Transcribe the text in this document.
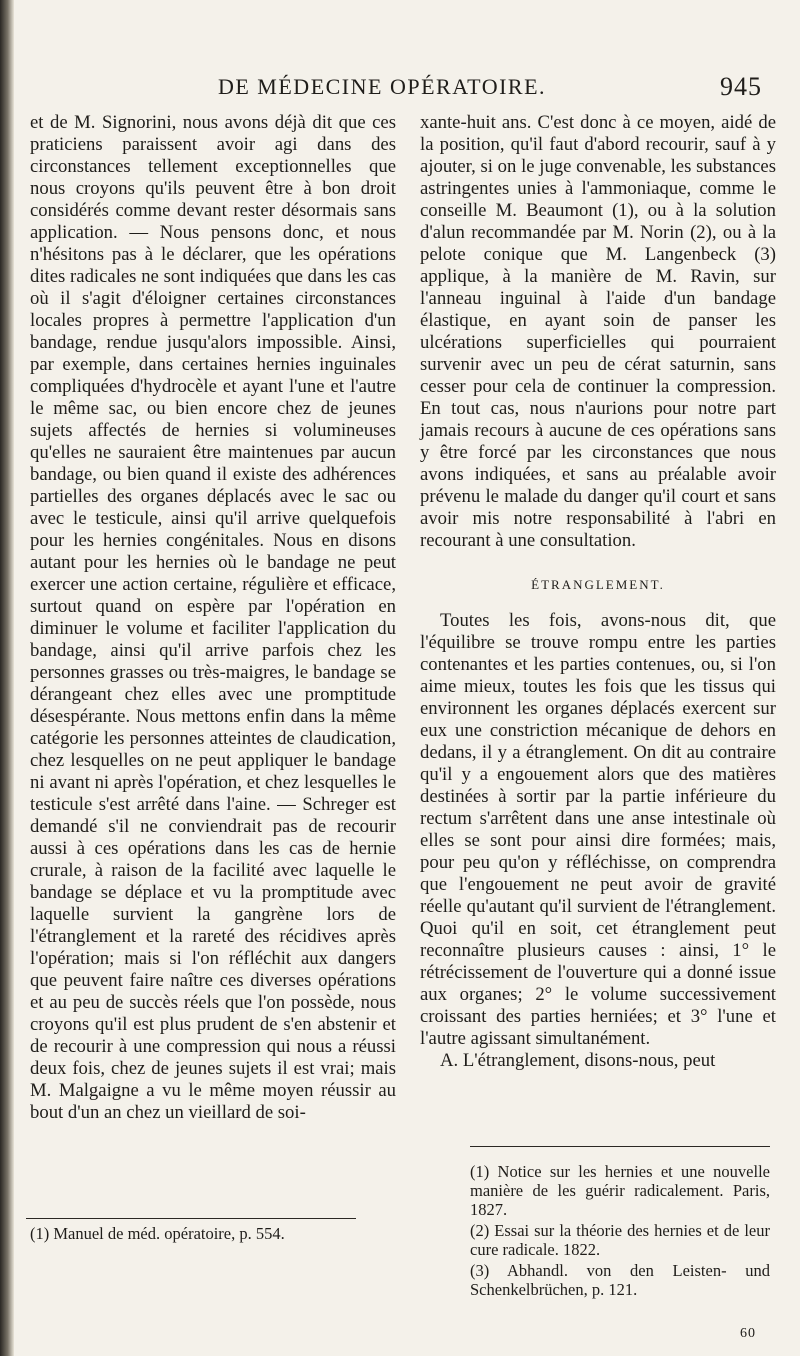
DE MÉDECINE OPÉRATOIRE.	945

et de M. Signorini, nous avons déjà dit que ces praticiens paraissent avoir agi dans des circonstances tellement exceptionnelles que nous croyons qu'ils peuvent être à bon droit considérés comme devant rester désormais sans application. — Nous pensons donc, et nous n'hésitons pas à le déclarer, que les opérations dites radicales ne sont indiquées que dans les cas où il s'agit d'éloigner certaines circonstances locales propres à permettre l'application d'un bandage, rendue jusqu'alors impossible. Ainsi, par exemple, dans certaines hernies inguinales compliquées d'hydrocèle et ayant l'une et l'autre le même sac, ou bien encore chez de jeunes sujets affectés de hernies si volumineuses qu'elles ne sauraient être maintenues par aucun bandage, ou bien quand il existe des adhérences partielles des organes déplacés avec le sac ou avec le testicule, ainsi qu'il arrive quelquefois pour les hernies congénitales. Nous en disons autant pour les hernies où le bandage ne peut exercer une action certaine, régulière et efficace, surtout quand on espère par l'opération en diminuer le volume et faciliter l'application du bandage, ainsi qu'il arrive parfois chez les personnes grasses ou très-maigres, le bandage se dérangeant chez elles avec une promptitude désespérante. Nous mettons enfin dans la même catégorie les personnes atteintes de claudication, chez lesquelles on ne peut appliquer le bandage ni avant ni après l'opération, et chez lesquelles le testicule s'est arrêté dans l'aine. — Schreger est demandé s'il ne conviendrait pas de recourir aussi à ces opérations dans les cas de hernie crurale, à raison de la facilité avec laquelle le bandage se déplace et vu la promptitude avec laquelle survient la gangrène lors de l'étranglement et la rareté des récidives après l'opération; mais si l'on réfléchit aux dangers que peuvent faire naître ces diverses opérations et au peu de succès réels que l'on possède, nous croyons qu'il est plus prudent de s'en abstenir et de recourir à une compression qui nous a réussi deux fois, chez de jeunes sujets il est vrai; mais M. Malgaigne a vu le même moyen réussir au bout d'un an chez un vieillard de soi-

xante-huit ans. C'est donc à ce moyen, aidé de la position, qu'il faut d'abord recourir, sauf à y ajouter, si on le juge convenable, les substances astringentes unies à l'ammoniaque, comme le conseille M. Beaumont (1), ou à la solution d'alun recommandée par M. Norin (2), ou à la pelote conique que M. Langenbeck (3) applique, à la manière de M. Ravin, sur l'anneau inguinal à l'aide d'un bandage élastique, en ayant soin de panser les ulcérations superficielles qui pourraient survenir avec un peu de cérat saturnin, sans cesser pour cela de continuer la compression. En tout cas, nous n'aurions pour notre part jamais recours à aucune de ces opérations sans y être forcé par les circonstances que nous avons indiquées, et sans au préalable avoir prévenu le malade du danger qu'il court et sans avoir mis notre responsabilité à l'abri en recourant à une consultation.

ÉTRANGLEMENT.

Toutes les fois, avons-nous dit, que l'équilibre se trouve rompu entre les parties contenantes et les parties contenues, ou, si l'on aime mieux, toutes les fois que les tissus qui environnent les organes déplacés exercent sur eux une constriction mécanique de dehors en dedans, il y a étranglement. On dit au contraire qu'il y a engouement alors que des matières destinées à sortir par la partie inférieure du rectum s'arrêtent dans une anse intestinale où elles se sont pour ainsi dire formées; mais, pour peu qu'on y réfléchisse, on comprendra que l'engouement ne peut avoir de gravité réelle qu'autant qu'il survient de l'étranglement. Quoi qu'il en soit, cet étranglement peut reconnaître plusieurs causes : ainsi, 1° le rétrécissement de l'ouverture qui a donné issue aux organes; 2° le volume successivement croissant des parties herniées; et 3° l'une et l'autre agissant simultanément.

A. L'étranglement, disons-nous, peut

(1) Manuel de méd. opératoire, p. 554.

(1) Notice sur les hernies et une nouvelle manière de les guérir radicalement. Paris, 1827.

(2) Essai sur la théorie des hernies et de leur cure radicale. 1822.

(3) Abhandl. von den Leisten- und Schenkelbrüchen, p. 121.

60
